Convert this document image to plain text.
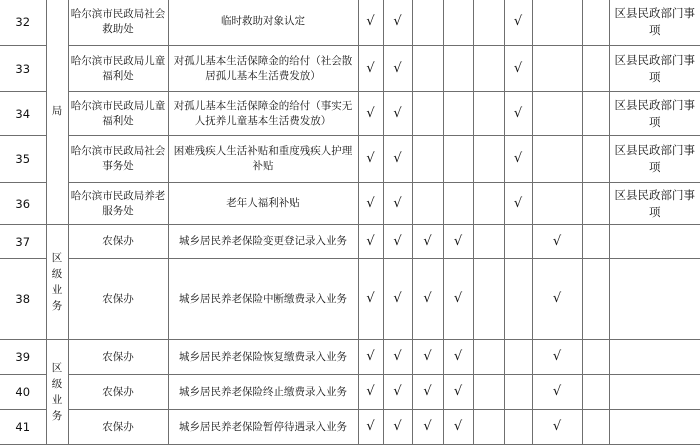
32	局	哈尔滨市民政局社会救助处	临时救助对象认定	√	√				√			区县民政部门事项
33		哈尔滨市民政局儿童福利处	对孤儿基本生活保障金的给付（社会散居孤儿基本生活费发放）	√	√				√			区县民政部门事项
34		哈尔滨市民政局儿童福利处	对孤儿基本生活保障金的给付（事实无人抚养儿童基本生活费发放）	√	√				√			区县民政部门事项
35		哈尔滨市民政局社会事务处	困难残疾人生活补贴和重度残疾人护理补贴	√	√				√			区县民政部门事项
36		哈尔滨市民政局养老服务处	老年人福利补贴	√	√				√			区县民政部门事项
37	区级业务	农保办	城乡居民养老保险变更登记录入业务	√	√	√	√			√		
38		农保办	城乡居民养老保险中断缴费录入业务	√	√	√	√			√		
39	区级业务	农保办	城乡居民养老保险恢复缴费录入业务	√	√	√	√			√		
40		农保办	城乡居民养老保险终止缴费录入业务	√	√	√	√			√		
41		农保办	城乡居民养老保险暂停待遇录入业务	√	√	√	√			√		
